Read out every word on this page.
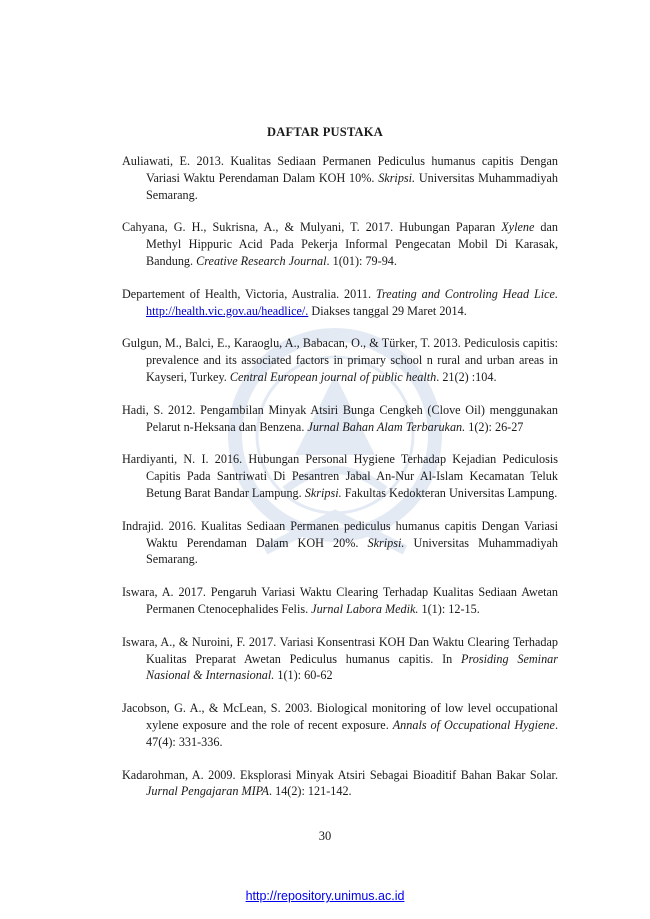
DAFTAR PUSTAKA

Auliawati, E. 2013. Kualitas Sediaan Permanen Pediculus humanus capitis Dengan Variasi Waktu Perendaman Dalam KOH 10%. Skripsi. Universitas Muhammadiyah Semarang.

Cahyana, G. H., Sukrisna, A., & Mulyani, T. 2017. Hubungan Paparan Xylene dan Methyl Hippuric Acid Pada Pekerja Informal Pengecatan Mobil Di Karasak, Bandung. Creative Research Journal. 1(01): 79-94.

Departement of Health, Victoria, Australia. 2011. Treating and Controling Head Lice. http://health.vic.gov.au/headlice/. Diakses tanggal 29 Maret 2014.

Gulgun, M., Balci, E., Karaoglu, A., Babacan, O., & Türker, T. 2013. Pediculosis capitis: prevalence and its associated factors in primary school n rural and urban areas in Kayseri, Turkey. Central European journal of public health. 21(2) :104.

Hadi, S. 2012. Pengambilan Minyak Atsiri Bunga Cengkeh (Clove Oil) menggunakan Pelarut n-Heksana dan Benzena. Jurnal Bahan Alam Terbarukan. 1(2): 26-27

Hardiyanti, N. I. 2016. Hubungan Personal Hygiene Terhadap Kejadian Pediculosis Capitis Pada Santriwati Di Pesantren Jabal An-Nur Al-Islam Kecamatan Teluk Betung Barat Bandar Lampung. Skripsi. Fakultas Kedokteran Universitas Lampung.

Indrajid. 2016. Kualitas Sediaan Permanen pediculus humanus capitis Dengan Variasi Waktu Perendaman Dalam KOH 20%. Skripsi. Universitas Muhammadiyah Semarang.

Iswara, A. 2017. Pengaruh Variasi Waktu Clearing Terhadap Kualitas Sediaan Awetan Permanen Ctenocephalides Felis. Jurnal Labora Medik. 1(1): 12-15.

Iswara, A., & Nuroini, F. 2017. Variasi Konsentrasi KOH Dan Waktu Clearing Terhadap Kualitas Preparat Awetan Pediculus humanus capitis. In Prosiding Seminar Nasional & Internasional. 1(1): 60-62

Jacobson, G. A., & McLean, S. 2003. Biological monitoring of low level occupational xylene exposure and the role of recent exposure. Annals of Occupational Hygiene. 47(4): 331-336.

Kadarohman, A. 2009. Eksplorasi Minyak Atsiri Sebagai Bioaditif Bahan Bakar Solar. Jurnal Pengajaran MIPA. 14(2): 121-142.

30
http://repository.unimus.ac.id
